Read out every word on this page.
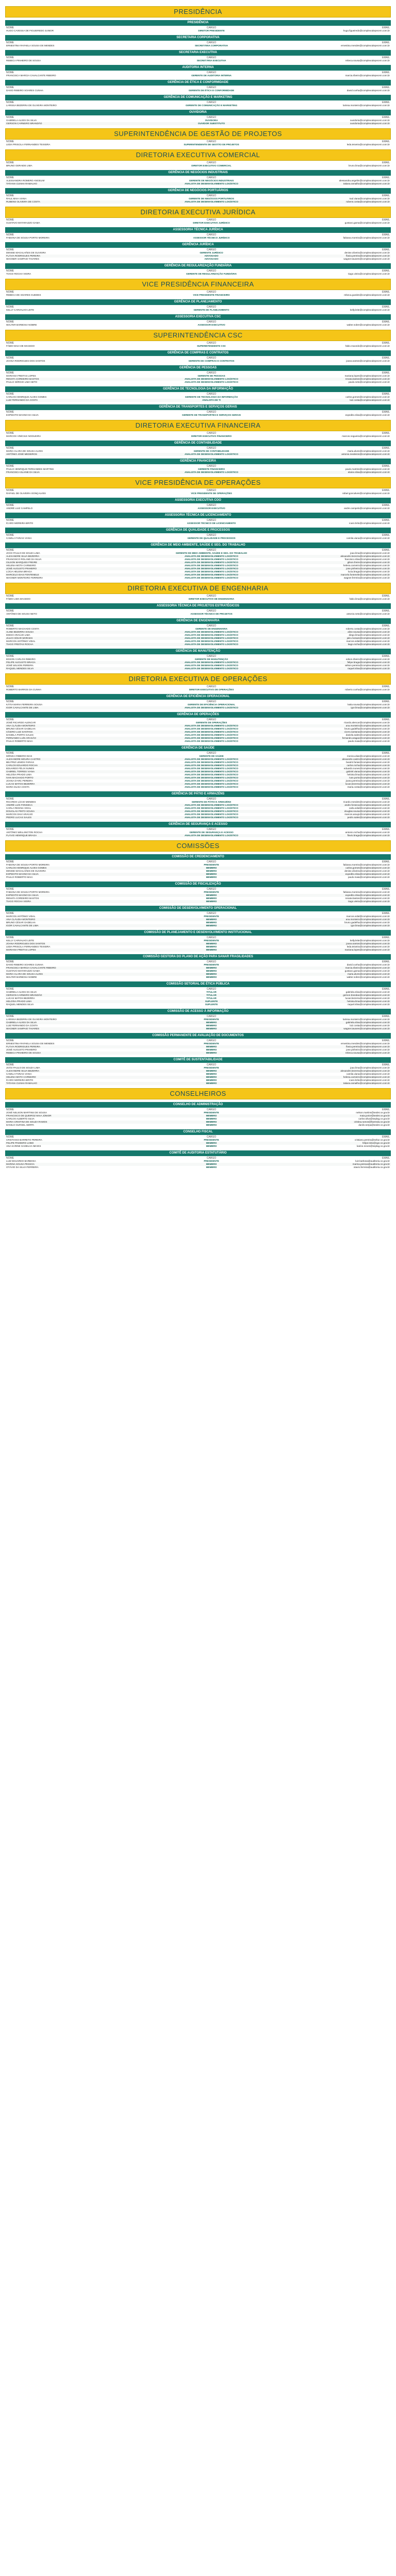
PRESIDÊNCIA
PRESIDÊNCIA
NOME	CARGO	EMAIL
HUGO CAVESSA DE FIGUEIREDO JUNIOR	DIRETOR PRESIDENTE	hugo.figueiredo@complexodepecem.com.br
SECRETARIA CORPORATIVA
NOME	CARGO	EMAIL
ERNESTINA RAFAELA SOUSA DE MENDES	SECRETÁRIA CORPORATIVA	ernestina.mendes@complexodepecem.com.br
SECRETARIA EXECUTIVA
NOME	CARGO	EMAIL
REBECA PINHEIRO DE SOUSA	SECRETÁRIA EXECUTIVA	rebeca.sousa@complexodepecem.com.br
AUDITORIA INTERNA
NOME	CARGO	EMAIL
FRANCISCA MARCIA CAVALCANTE RIBEIRO	GERENTE DE AUDITORIA INTERNA	marcia.ribeiro@complexodepecem.com.br
GERÊNCIA DE ÉTICA E CONFORMIDADE
NOME	CARGO	EMAIL
DAVID RIBEIRO SOARES CUNHA	GERENTE DE ÉTICA E CONFORMIDADE	david.cunha@complexodepecem.com.br
GERÊNCIA DE COMUNICAÇÃO E MARKETING
NOME	CARGO	EMAIL
LARISSA BEZERRA DE OLIVEIRA MONTEIRO	GERENTE DE COMUNICAÇÃO E MARKETING	larissa.monteiro@complexodepecem.com.br
OUVIDORIA
NOME	CARGO	EMAIL
GABRIELA ALVES DA SILVA	OUVIDORA	ouvidoria@complexodepecem.com.br
GERSON CARNEIRO BRANDÃO	OUVIDOR SUBSTITUTO	ouvidoria@complexodepecem.com.br
SUPERINTENDÊNCIA DE GESTÃO DE PROJETOS
NOME	CARGO	EMAIL
LEDA PRISCILA FERNANDES TEIXEIRA	SUPERINTENDENTE DE GESTÃO DE PROJETOS	leda.teixeira@complexodepecem.com.br
DIRETORIA EXECUTIVA COMERCIAL
NOME	CARGO	EMAIL
BRUNO GERAIDE LIMA	DIRETOR EXECUTIVO COMERCIAL	bruno.lima@complexodepecem.com.br
GERÊNCIA DE NEGÓCIOS INDUSTRIAIS
NOME	CARGO	EMAIL
ALESSANDRA ROMERO ANGELIM	GERENTE DE NEGÓCIOS INDUSTRIAIS	alessandra.angelim@complexodepecem.com.br
TATIANA CUNHA RAMALHO	ANALISTA DE DESENVOLVIMENTO LOGÍSTICO	tatiana.ramalho@complexodepecem.com.br
GERÊNCIA DE NEGÓCIOS PORTUÁRIOS
NOME	CARGO	EMAIL
RAUL MAIA VIANA	GERENTE DE NEGÓCIOS PORTUÁRIOS	raul.viana@complexodepecem.com.br
RUBENS OLIVEIRA DE COSTA	ANALISTA DE DESENVOLVIMENTO LOGÍSTICO	rubens.costa@complexodepecem.com.br
DIRETORIA EXECUTIVA JURÍDICA
NOME	CARGO	EMAIL
GUSTAVO MATARAZZO GAMA	DIRETOR EXECUTIVO JURÍDICO	gustavo.gama@complexodepecem.com.br
ASSESSORIA TÉCNICA JURÍDICA
NOME	CARGO	EMAIL
FABIANA DE SOUSA PORTO MOREIRA	ASSESSOR TÉCNICO JURÍDICO	fabiana.moreira@complexodepecem.com.br
GERÊNCIA JURÍDICA
NOME	CARGO	EMAIL
DENISE MAGALHÃES DE OLIVEIRA	GERENTE JURÍDICO	denise.oliveira@complexodepecem.com.br
FLÁVIA RODRIGUES PEREIRA	ADVOGADO	flavia.pereira@complexodepecem.com.br
WAGNER SAMPAIO TAVARES	ADVOGADO	wagner.tavares@complexodepecem.com.br
GERÊNCIA DE REGULARIZAÇÃO FUNDIÁRIA
NOME	CARGO	EMAIL
TIAGO ROCHA VIEIRA	GERENTE DE REGULARIZAÇÃO FUNDIÁRIA	tiago.vieira@complexodepecem.com.br
VICE PRESIDÊNCIA FINANCEIRA
NOME	CARGO	EMAIL
REBECA DE SOARES GUEDES	VICE PRESIDENTE FINANCEIRO	rebeca.guedes@complexodepecem.com.br
GERÊNCIA DE PLANEJAMENTO
NOME	CARGO	EMAIL
KELLY CARVALHO LEITE	GERENTE DE PLANEJAMENTO	kelly.leite@complexodepecem.com.br
ASSESSORIA EXECUTIVA CSC
NOME	CARGO	EMAIL
WALTER BARBOSA NOBRE	ASSESSOR EXECUTIVO	walter.nobre@complexodepecem.com.br
SUPERINTENDÊNCIA CSC
NOME	CARGO	EMAIL
FÁBIO MAIA DE MACEDO	SUPERINTENDENTE CSC	fabio.macedo@complexodepecem.com.br
GERÊNCIA DE COMPRAS E CONTRATOS
NOME	CARGO	EMAIL
JOANA RODRIGUES DOS SANTOS	GERENTE DE COMPRAS E CONTRATOS	joana.santos@complexodepecem.com.br
GERÊNCIA DE PESSOAS
NOME	CARGO	EMAIL
MARIANA FREITAS LOPES	GERENTE DE PESSOAS	mariana.lopes@complexodepecem.com.br
RENATA CORDEIRO BASTOS	ANALISTA DE DESENVOLVIMENTO LOGÍSTICO	renata.bastos@complexodepecem.com.br
PAULO SÉRGIO LIMA NETO	ANALISTA DE DESENVOLVIMENTO LOGÍSTICO	paulo.neto@complexodepecem.com.br
GERÊNCIA DE TECNOLOGIA DA INFORMAÇÃO
NOME	CARGO	EMAIL
CARLOS HENRIQUE ALVES GOMES	GERENTE DE TECNOLOGIA DA INFORMAÇÃO	carlos.gomes@complexodepecem.com.br
LUIZ FERNANDO DA COSTA	ANALISTA DE TI	luiz.costa@complexodepecem.com.br
GERÊNCIA DE TRANSPORTES E SERVIÇOS GERAIS
NOME	CARGO	EMAIL
EXPEDITO MAGNO DA SILVA	GERENTE DE TRANSPORTES E SERVIÇOS GERAIS	expedito.silva@complexodepecem.com.br
DIRETORIA EXECUTIVA FINANCEIRA
NOME	CARGO	EMAIL
MARCOS VINÍCIUS NOGUEIRA	DIRETOR EXECUTIVO FINANCEIRO	marcos.nogueira@complexodepecem.com.br
GERÊNCIA DE CONTABILIDADE
NOME	CARGO	EMAIL
MARIA CLARA DE SOUSA ALVES	GERENTE DE CONTABILIDADE	maria.alves@complexodepecem.com.br
ANTÔNIO JOSÉ MEDEIROS	ANALISTA DE DESENVOLVIMENTO LOGÍSTICO	antonio.medeiros@complexodepecem.com.br
GERÊNCIA FINANCEIRA
NOME	CARGO	EMAIL
PAULO HENRIQUE FERNANDES MARTINS	GERENTE FINANCEIRO	paulo.martins@complexodepecem.com.br
FRANCISCA ELAINE DA SILVA	ANALISTA DE DESENVOLVIMENTO LOGÍSTICO	elaine.silva@complexodepecem.com.br
VICE PRESIDÊNCIA DE OPERAÇÕES
NOME	CARGO	EMAIL
RAFAEL DE OLIVEIRA GONÇALVES	VICE PRESIDENTE DE OPERAÇÕES	rafael.goncalves@complexodepecem.com.br
ASSESSORIA EXECUTIVA COO
NOME	CARGO	EMAIL
ANDRÉ LUIZ CAMPELO	ASSESSOR EXECUTIVO	andre.campelo@complexodepecem.com.br
ASSESSORIA TÉCNICA DE LICENCIAMENTO
NOME	CARGO	EMAIL
ÍCARO MOREIRA BRITO	ASSESSOR TÉCNICO DE LICENCIAMENTO	icaro.brito@complexodepecem.com.br
GERÊNCIA DE QUALIDADE E PROCESSOS
NOME	CARGO	EMAIL
CAMILA FARIAS VIANA	GERENTE DE QUALIDADE E PROCESSOS	camila.viana@complexodepecem.com.br
GERÊNCIA DE MEIO AMBIENTE, SAÚDE E SEG. DO TRABALHO
NOME	CARGO	EMAIL
JOÃO PAULO DE SOUZA LIMA	GERENTE DE MEIO AMBIENTE, SAÚDE E SEG. DO TRABALHO	joao.lima@complexodepecem.com.br
ALEXANDRE SILVA BEZERRA	ANALISTA DE DESENVOLVIMENTO LOGÍSTICO	alexandre.bezerra@complexodepecem.com.br
FRANCISCO ROLAND DA SILVA	ANALISTA DE DESENVOLVIMENTO LOGÍSTICO	francisco.silva@complexodepecem.com.br
GILSON MARQUES FREIRE	ANALISTA DE DESENVOLVIMENTO LOGÍSTICO	gilson.freire@complexodepecem.com.br
HELENA MOTA CARNEIRO	ANALISTA DE DESENVOLVIMENTO LOGÍSTICO	helena.carneiro@complexodepecem.com.br
JOSÉ AUGUSTO PINHEIRO	ANALISTA DE DESENVOLVIMENTO LOGÍSTICO	jose.pinheiro@complexodepecem.com.br
LÚCIA HELENA BRAGA	ANALISTA DE DESENVOLVIMENTO LOGÍSTICO	lucia.braga@complexodepecem.com.br
MARCELO DIAS FONTENELE	ANALISTA DE DESENVOLVIMENTO LOGÍSTICO	marcelo.fontenele@complexodepecem.com.br
WAGNER MONTEIRO FERREIRA	ANALISTA DE DESENVOLVIMENTO LOGÍSTICO	wagner.ferreira@complexodepecem.com.br
DIRETORIA EXECUTIVA DE ENGENHARIA
NOME	CARGO	EMAIL
FÁBIO LIMA MACEDO	DIRETOR EXECUTIVO DE ENGENHARIA	fabio.lima@complexodepecem.com.br
ASSESSORIA TÉCNICA DE PROJETOS ESTRATÉGICOS
NOME	CARGO	EMAIL
ANTÔNIO DE SOUSA NETO	ASSESSOR TÉCNICO DE PROJETOS	antonio.neto@complexodepecem.com.br
GERÊNCIA DE ENGENHARIA
NOME	CARGO	EMAIL
ROBERTO MACHADO COSTA	GERENTE DE ENGENHARIA	roberto.costa@complexodepecem.com.br
ALINE BEZERRA SOUSA	ANALISTA DE DESENVOLVIMENTO LOGÍSTICO	aline.sousa@complexodepecem.com.br
DIEGO ARAÚJO LIMA	ANALISTA DE DESENVOLVIMENTO LOGÍSTICO	diego.lima@complexodepecem.com.br
JÚLIO CÉSAR MORAES	ANALISTA DE DESENVOLVIMENTO LOGÍSTICO	julio.moraes@complexodepecem.com.br
MARCOS ANTÔNIO VIDAL	ANALISTA DE DESENVOLVIMENTO LOGÍSTICO	marcos.vidal@complexodepecem.com.br
TIAGO FREITAS ROCHA	ANALISTA DE DESENVOLVIMENTO LOGÍSTICO	tiago.rocha@complexodepecem.com.br
GERÊNCIA DE MANUTENÇÃO
NOME	CARGO	EMAIL
EDSON CARLOS RIBEIRO	GERENTE DE MANUTENÇÃO	edson.ribeiro@complexodepecem.com.br
FELIPE AUGUSTO BRAGA	ANALISTA DE DESENVOLVIMENTO LOGÍSTICO	felipe.braga@complexodepecem.com.br
JOSÉ WILSON PEREIRA	ANALISTA DE DESENVOLVIMENTO LOGÍSTICO	wilson.pereira@complexodepecem.com.br
RAQUEL MENDES SILVA	ANALISTA DE DESENVOLVIMENTO LOGÍSTICO	raquel.silva@complexodepecem.com.br
DIRETORIA EXECUTIVA DE OPERAÇÕES
NOME	CARGO	EMAIL
ROBERTO BARROS DA CUNHA	DIRETOR EXECUTIVO DE OPERAÇÕES	roberto.cunha@complexodepecem.com.br
GERÊNCIA DE EFICIÊNCIA OPERACIONAL
NOME	CARGO	EMAIL
KÁTIA MARIA FERREIRA SOUSA	GERENTE DE EFICIÊNCIA OPERACIONAL	katia.sousa@complexodepecem.com.br
IGOR CAVALCANTE DE LIMA	ANALISTA DE DESENVOLVIMENTO LOGÍSTICO	igor.lima@complexodepecem.com.br
GERÊNCIA DE OPERAÇÕES
NOME	CARGO	EMAIL
JOSÉ RICARDO ALENCAR	GERENTE DE OPERAÇÕES	ricardo.alencar@complexodepecem.com.br
ANA CLÁUDIA MONTEIRO	ANALISTA DE DESENVOLVIMENTO LOGÍSTICO	ana.monteiro@complexodepecem.com.br
BRUNO CÉSAR GADELHA	ANALISTA DE DESENVOLVIMENTO LOGÍSTICO	bruno.gadelha@complexodepecem.com.br
CÍCERO LUIZ SANTANA	ANALISTA DE DESENVOLVIMENTO LOGÍSTICO	cicero.santana@complexodepecem.com.br
DANIELA PORTO SALES	ANALISTA DE DESENVOLVIMENTO LOGÍSTICO	daniela.sales@complexodepecem.com.br
FERNANDO LUÍS ARAGÃO	ANALISTA DE DESENVOLVIMENTO LOGÍSTICO	fernando.aragao@complexodepecem.com.br
PAULO ROBERTO MAIA	ANALISTA DE DESENVOLVIMENTO LOGÍSTICO	paulo.maia@complexodepecem.com.br
GERÊNCIA DE SAÚDE
NOME	CARGO	EMAIL
MÔNICA RIBEIRO DIAS	GERENTE DE SAÚDE	monica.dias@complexodepecem.com.br
ALEXANDRE MOURA CASTRO	ANALISTA DE DESENVOLVIMENTO LOGÍSTICO	alexandre.castro@complexodepecem.com.br
BEATRIZ LEMOS FARIAS	ANALISTA DE DESENVOLVIMENTO LOGÍSTICO	beatriz.farias@complexodepecem.com.br
CARLOS EDUARDO ROCHA	ANALISTA DE DESENVOLVIMENTO LOGÍSTICO	carlos.rocha@complexodepecem.com.br
EDUARDO FÉLIX NUNES	ANALISTA DE DESENVOLVIMENTO LOGÍSTICO	eduardo.nunes@complexodepecem.com.br
GABRIEL TORRES VIANA	ANALISTA DE DESENVOLVIMENTO LOGÍSTICO	gabriel.viana@complexodepecem.com.br
HELOÍSA PRADO LIMA	ANALISTA DE DESENVOLVIMENTO LOGÍSTICO	heloisa.lima@complexodepecem.com.br
IVAN MACHADO PORTO	ANALISTA DE DESENVOLVIMENTO LOGÍSTICO	ivan.porto@complexodepecem.com.br
JOANA D'ARC PEREIRA	ANALISTA DE DESENVOLVIMENTO LOGÍSTICO	joana.pereira@complexodepecem.com.br
LUCAS MATOS BEZERRA	ANALISTA DE DESENVOLVIMENTO LOGÍSTICO	lucas.bezerra@complexodepecem.com.br
MARIA ELISA COSTA	ANALISTA DE DESENVOLVIMENTO LOGÍSTICO	maria.costa@complexodepecem.com.br
GERÊNCIA DE PÁTIO E ARMAZÉNS
NOME	CARGO	EMAIL
RICARDO LÚCIO MENDES	GERENTE DE PÁTIO E ARMAZÉNS	ricardo.mendes@complexodepecem.com.br
ANDRÉ LUÍS FONSECA	ANALISTA DE DESENVOLVIMENTO LOGÍSTICO	andre.fonseca@complexodepecem.com.br
CARLA REGINA VIDAL	ANALISTA DE DESENVOLVIMENTO LOGÍSTICO	carla.vidal@complexodepecem.com.br
DOUGLAS PINTO SOUSA	ANALISTA DE DESENVOLVIMENTO LOGÍSTICO	douglas.sousa@complexodepecem.com.br
MARCOS DAVI ARAÚJO	ANALISTA DE DESENVOLVIMENTO LOGÍSTICO	marcos.araujo@complexodepecem.com.br
PEDRO LUCAS SALES	ANALISTA DE DESENVOLVIMENTO LOGÍSTICO	pedro.sales@complexodepecem.com.br
GERÊNCIA DE SEGURANÇA E ACESSO
NOME	CARGO	EMAIL
ANTÔNIO WELLINGTON ROCHA	GERENTE DE SEGURANÇA E ACESSO	antonio.rocha@complexodepecem.com.br
FLÁVIO HENRIQUE BRAGA	ANALISTA DE DESENVOLVIMENTO LOGÍSTICO	flavio.braga@complexodepecem.com.br
COMISSÕES
COMISSÃO DE CREDENCIAMENTO
NOME	CARGO	EMAIL
FABIANA DE SOUSA PORTO MOREIRA	PRESIDENTE	fabiana.moreira@complexodepecem.com.br
CARLOS HENRIQUE ALVES GOMES	MEMBRO	carlos.gomes@complexodepecem.com.br
DENISE MAGALHÃES DE OLIVEIRA	MEMBRO	denise.oliveira@complexodepecem.com.br
EXPEDITO MAGNO DA SILVA	MEMBRO	expedito.silva@complexodepecem.com.br
PAULO ROBERTO MAIA	MEMBRO	paulo.maia@complexodepecem.com.br
COMISSÃO DE FISCALIZAÇÃO
NOME	CARGO	EMAIL
FABIANA DE SOUSA PORTO MOREIRA	PRESIDENTE	fabiana.moreira@complexodepecem.com.br
EXPEDITO MAGNO DA SILVA	MEMBRO	expedito.silva@complexodepecem.com.br
RENATA CORDEIRO BASTOS	MEMBRO	renata.bastos@complexodepecem.com.br
TIAGO ROCHA VIEIRA	MEMBRO	tiago.vieira@complexodepecem.com.br
COMISSÃO DE DESENVOLVIMENTO OPERACIONAL
NOME	CARGO	EMAIL
MARCOS ANTÔNIO VIDAL	PRESIDENTE	marcos.vidal@complexodepecem.com.br
ANA CLÁUDIA MONTEIRO	MEMBRO	ana.monteiro@complexodepecem.com.br
BRUNO CÉSAR GADELHA	MEMBRO	bruno.gadelha@complexodepecem.com.br
IGOR CAVALCANTE DE LIMA	MEMBRO	igor.lima@complexodepecem.com.br
COMISSÃO DE PLANEJAMENTO E DESENVOLVIMENTO INSTITUCIONAL
NOME	CARGO	EMAIL
KELLY CARVALHO LEITE	PRESIDENTE	kelly.leite@complexodepecem.com.br
JOANA RODRIGUES DOS SANTOS	MEMBRO	joana.santos@complexodepecem.com.br
LEDA PRISCILA FERNANDES TEIXEIRA	MEMBRO	leda.teixeira@complexodepecem.com.br
MARIANA FREITAS LOPES	MEMBRO	mariana.lopes@complexodepecem.com.br
COMISSÃO GESTORA DO PLANO DE AÇÃO PARA SANAR FRAGILIDADES
NOME	CARGO	EMAIL
DAVID RIBEIRO SOARES CUNHA	PRESIDENTE	david.cunha@complexodepecem.com.br
FRANCISCA MARCIA CAVALCANTE RIBEIRO	MEMBRO	marcia.ribeiro@complexodepecem.com.br
GUSTAVO MATARAZZO GAMA	MEMBRO	gustavo.gama@complexodepecem.com.br
MARIA CLARA DE SOUSA ALVES	MEMBRO	maria.alves@complexodepecem.com.br
WALTER BARBOSA NOBRE	MEMBRO	walter.nobre@complexodepecem.com.br
COMISSÃO SETORIAL DE ÉTICA PÚBLICA
NOME	CARGO	EMAIL
GABRIELA ALVES DA SILVA	TITULAR	gabriela.silva@complexodepecem.com.br
GERSON CARNEIRO BRANDÃO	TITULAR	gerson.brandao@complexodepecem.com.br
LUCAS MATOS BEZERRA	TITULAR	lucas.bezerra@complexodepecem.com.br
HELOÍSA PRADO LIMA	SUPLENTE	heloisa.lima@complexodepecem.com.br
RAQUEL MENDES SILVA	SUPLENTE	raquel.silva@complexodepecem.com.br
COMISSÃO DE ACESSO À INFORMAÇÃO
NOME	CARGO	EMAIL
LARISSA BEZERRA DE OLIVEIRA MONTEIRO	PRESIDENTE	larissa.monteiro@complexodepecem.com.br
GABRIELA ALVES DA SILVA	MEMBRO	gabriela.silva@complexodepecem.com.br
LUIZ FERNANDO DA COSTA	MEMBRO	luiz.costa@complexodepecem.com.br
WAGNER SAMPAIO TAVARES	MEMBRO	wagner.tavares@complexodepecem.com.br
COMISSÃO PERMANENTE DE AVALIAÇÃO DE DOCUMENTOS
NOME	CARGO	EMAIL
ERNESTINA RAFAELA SOUSA DE MENDES	PRESIDENTE	ernestina.mendes@complexodepecem.com.br
FLÁVIA RODRIGUES PEREIRA	MEMBRO	flavia.pereira@complexodepecem.com.br
JOSÉ AUGUSTO PINHEIRO	MEMBRO	jose.pinheiro@complexodepecem.com.br
REBECA PINHEIRO DE SOUSA	MEMBRO	rebeca.sousa@complexodepecem.com.br
COMITÊ DE SUSTENTABILIDADE
NOME	CARGO	EMAIL
JOÃO PAULO DE SOUZA LIMA	PRESIDENTE	joao.lima@complexodepecem.com.br
ALEXANDRE SILVA BEZERRA	MEMBRO	alexandre.bezerra@complexodepecem.com.br
CAMILA FARIAS VIANA	MEMBRO	camila.viana@complexodepecem.com.br
HELENA MOTA CARNEIRO	MEMBRO	helena.carneiro@complexodepecem.com.br
ÍCARO MOREIRA BRITO	MEMBRO	icaro.brito@complexodepecem.com.br
TATIANA CUNHA RAMALHO	MEMBRO	tatiana.ramalho@complexodepecem.com.br
CONSELHEIROS
CONSELHO DE ADMINISTRAÇÃO
NOME	CARGO	EMAIL
JOSÉ NELSON MARTINS DE SOUSA	PRESIDENTE	nelson.martins@sedet.ce.gov.br
FRANCISCO DE QUEIROZ MAIA JÚNIOR	MEMBRO	maia.junior@sedet.ce.gov.br
CARLOS ALBERTO SILVA	MEMBRO	carlos.silva@seplag.ce.gov.br
MARIA CRISTINA DE SOUZA RAMOS	MEMBRO	cristina.ramos@fazenda.ce.gov.br
DANILO GURGEL SERPA	MEMBRO	danilo.serpa@sedet.ce.gov.br
CONSELHO FISCAL
NOME	CARGO	EMAIL
CRISTIANO BARRETO PEREIRA	PRESIDENTE	cristiano.pereira@sefaz.ce.gov.br
FELIPE PINHEIRO LOBO	MEMBRO	felipe.lobo@cge.ce.gov.br
ANA KARINE GADELHA NEVES	MEMBRO	karine.neves@seplag.ce.gov.br
COMITÊ DE AUDITORIA ESTATUTÁRIO
NOME	CARGO	EMAIL
LUIZ EDUARDO BARBOSA	PRESIDENTE	luiz.barbosa@auditoria.ce.gov.br
MARINA SOUSA PESSOA	MEMBRO	marina.pessoa@auditoria.ce.gov.br
OTÁVIO DA SILVA FERREIRA	MEMBRO	otavio.ferreira@auditoria.ce.gov.br
